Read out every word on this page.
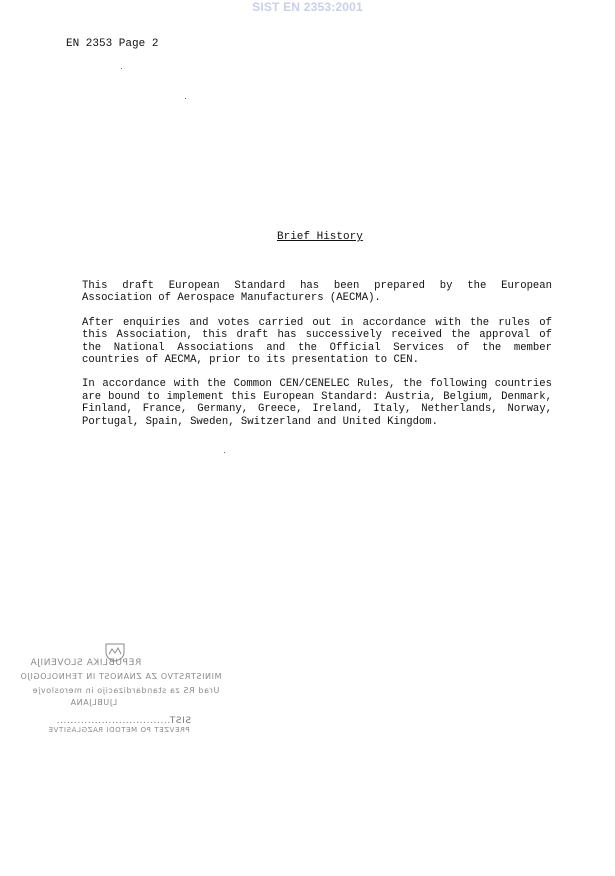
SIST EN 2353:2001
EN 2353 Page 2
Brief History

This draft European Standard has been prepared by the European Association of Aerospace Manufacturers (AECMA).

After enquiries and votes carried out in accordance with the rules of this Association, this draft has successively received the approval of the National Associations and the Official Services of the member countries of AECMA, prior to its presentation to CEN.

In accordance with the Common CEN/CENELEC Rules, the following countries are bound to implement this European Standard: Austria, Belgium, Denmark, Finland, France, Germany, Greece, Ireland, Italy, Netherlands, Norway, Portugal, Spain, Sweden, Switzerland and United Kingdom.

REPUBLIKA SLOVENIJA
MINISTRSTVO ZA ZNANOST IN TEHNOLOGIJO
Urad RS za standardizacijo in meroslovje
LJUBLJANA
SIST.................................
PREVZET PO METODI RAZGLASITVE
